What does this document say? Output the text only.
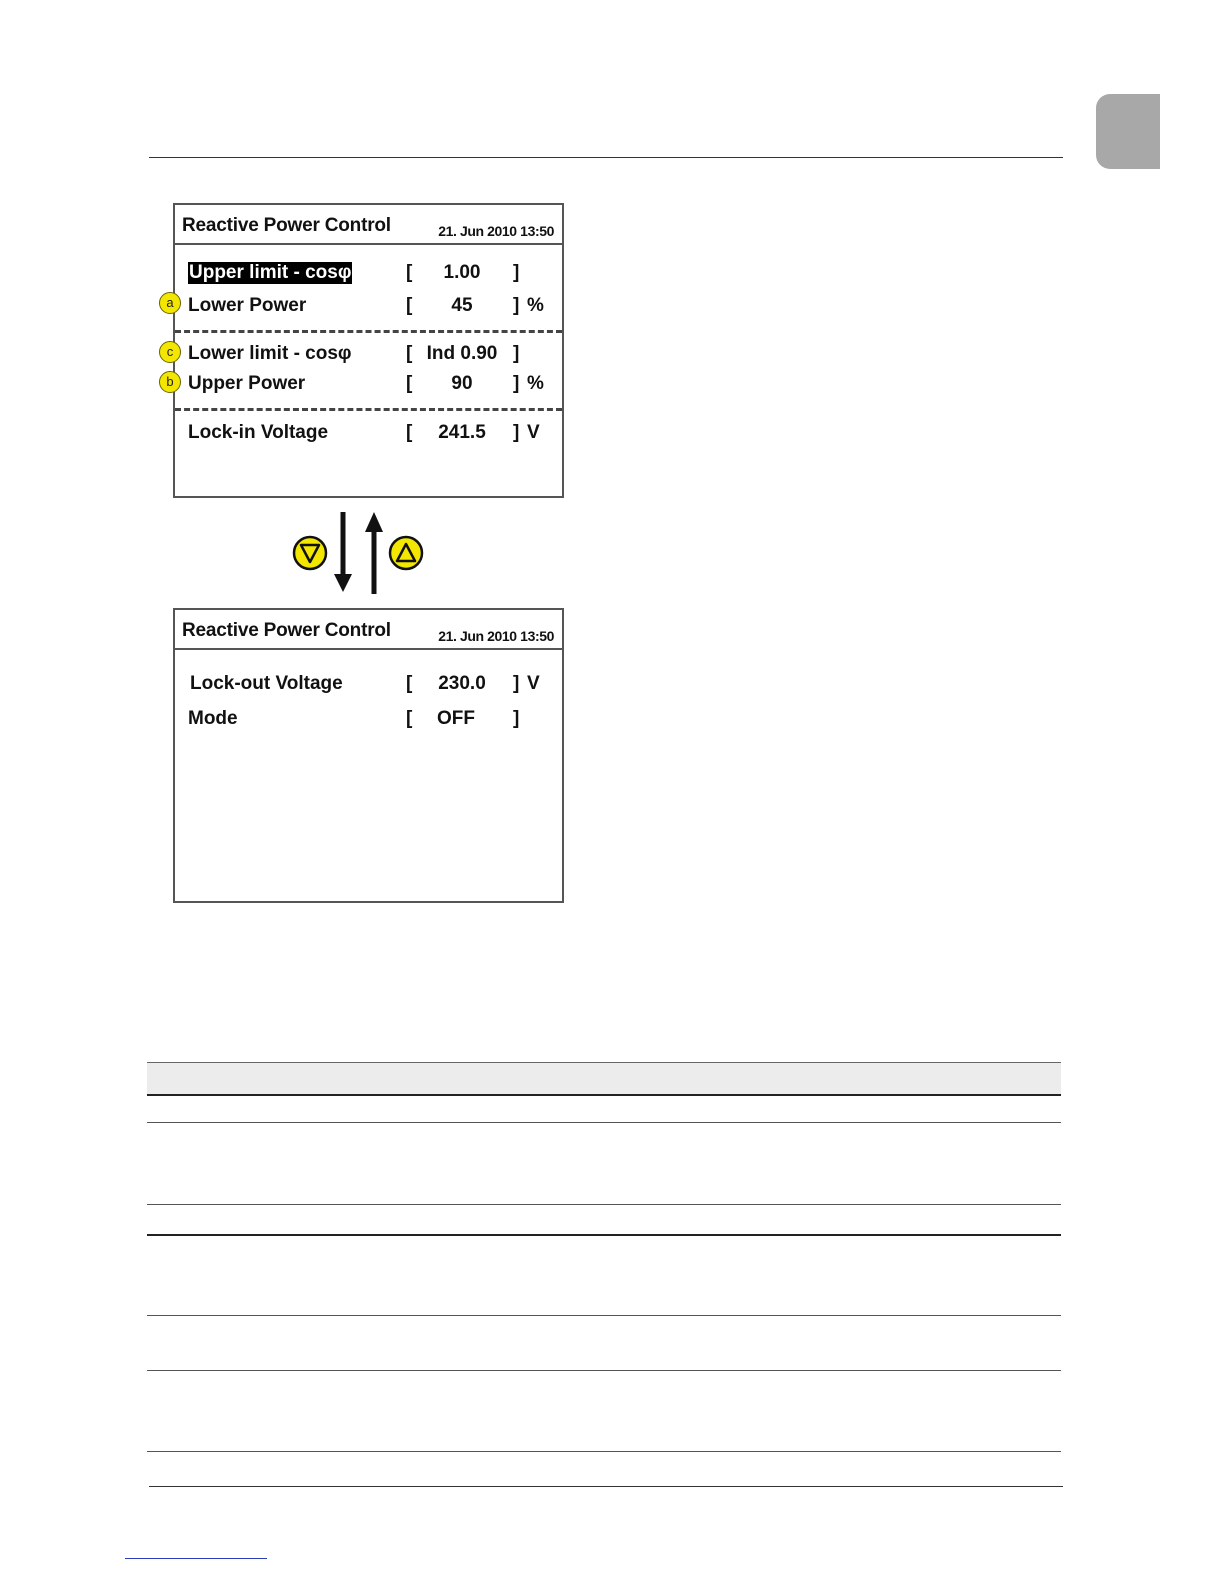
Reactive Power Control	21. Jun 2010 13:50
Upper limit - cosφ	[	1.00	]
Lower Power	[	45	] %
Lower limit - cosφ	[ Ind 0.90 ]
Upper Power	[	90	] %
Lock-in Voltage	[	241.5	] V
a
c
b
Reactive Power Control	21. Jun 2010 13:50
Lock-out Voltage	[	230.0	] V
Mode	[	OFF	]
